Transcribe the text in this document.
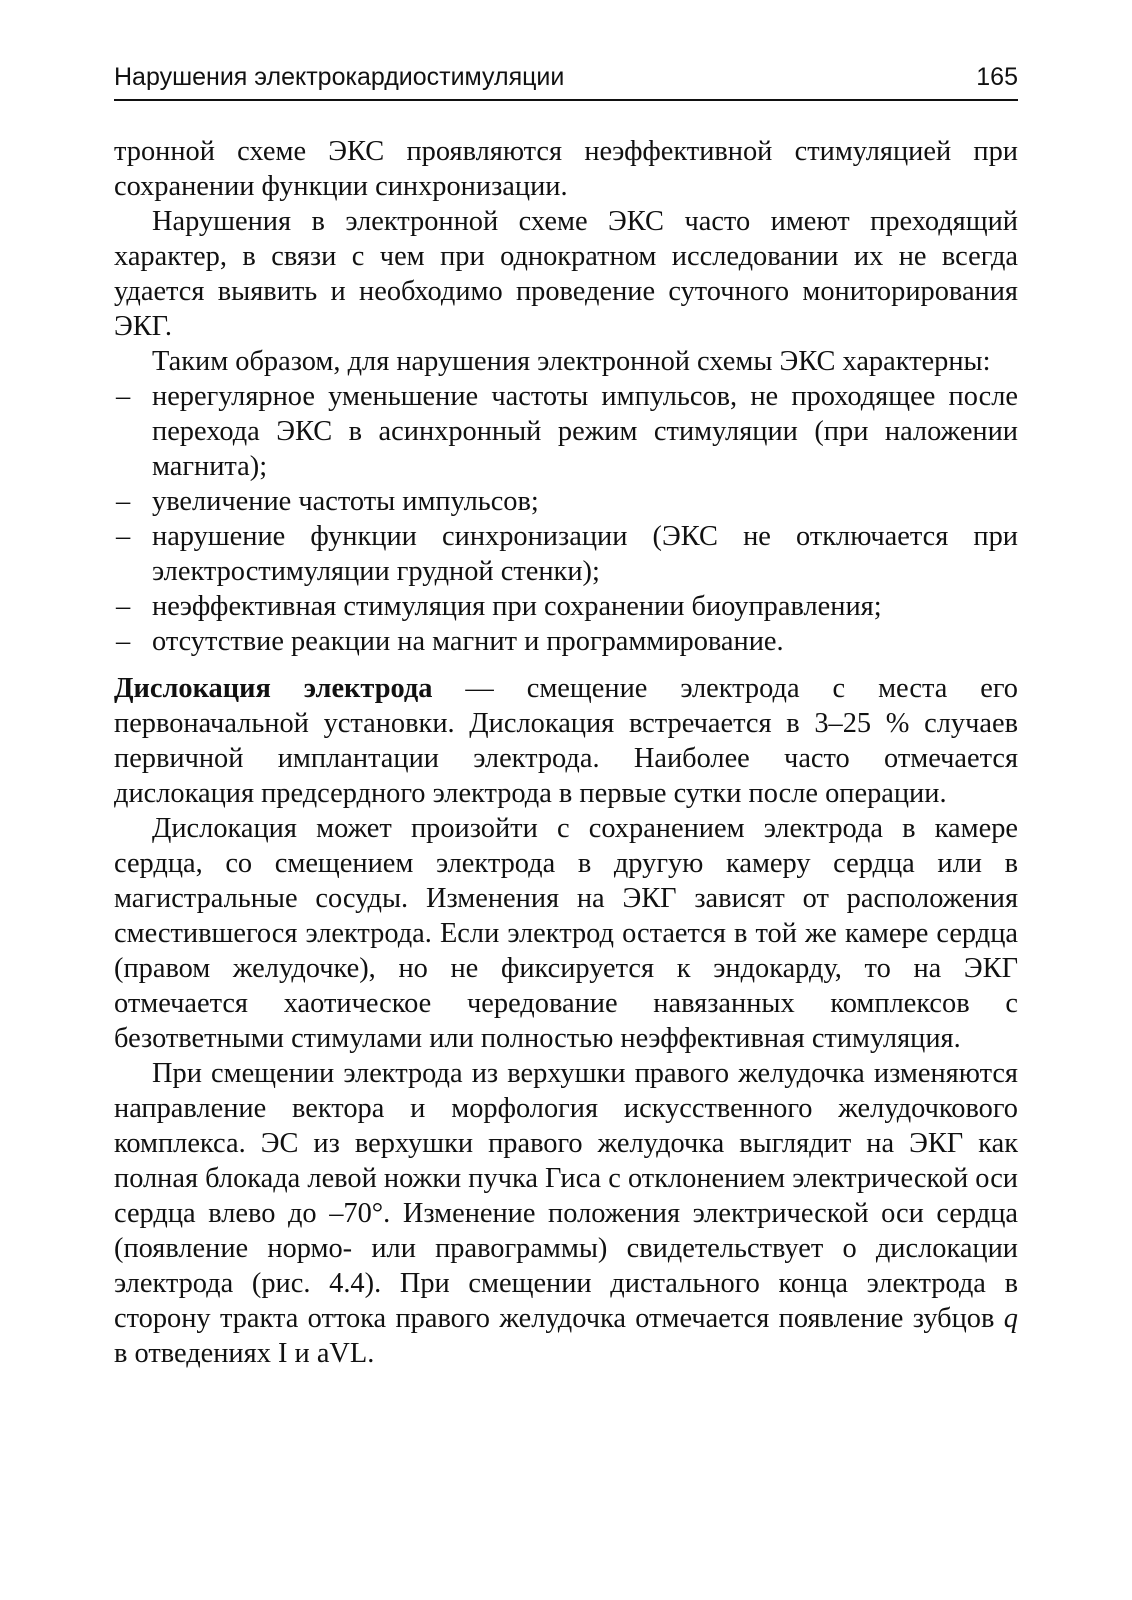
Нарушения электрокардиостимуляции	165

тронной схеме ЭКС проявляются неэффективной стимуляцией при сохранении функции синхронизации.

Нарушения в электронной схеме ЭКС часто имеют преходящий характер, в связи с чем при однократном исследовании их не всегда удается выявить и необходимо проведение суточного мониторирования ЭКГ.

Таким образом, для нарушения электронной схемы ЭКС характерны:

– нерегулярное уменьшение частоты импульсов, не проходящее после перехода ЭКС в асинхронный режим стимуляции (при наложении магнита);
– увеличение частоты импульсов;
– нарушение функции синхронизации (ЭКС не отключается при электростимуляции грудной стенки);
– неэффективная стимуляция при сохранении биоуправления;
– отсутствие реакции на магнит и программирование.

Дислокация электрода — смещение электрода с места его первоначальной установки. Дислокация встречается в 3–25 % случаев первичной имплантации электрода. Наиболее часто отмечается дислокация предсердного электрода в первые сутки после операции.

Дислокация может произойти с сохранением электрода в камере сердца, со смещением электрода в другую камеру сердца или в магистральные сосуды. Изменения на ЭКГ зависят от расположения сместившегося электрода. Если электрод остается в той же камере сердца (правом желудочке), но не фиксируется к эндокарду, то на ЭКГ отмечается хаотическое чередование навязанных комплексов с безответными стимулами или полностью неэффективная стимуляция.

При смещении электрода из верхушки правого желудочка изменяются направление вектора и морфология искусственного желудочкового комплекса. ЭС из верхушки правого желудочка выглядит на ЭКГ как полная блокада левой ножки пучка Гиса с отклонением электрической оси сердца влево до –70°. Изменение положения электрической оси сердца (появление нормо- или правограммы) свидетельствует о дислокации электрода (рис. 4.4). При смещении дистального конца электрода в сторону тракта оттока правого желудочка отмечается появление зубцов q в отведениях I и aVL.
